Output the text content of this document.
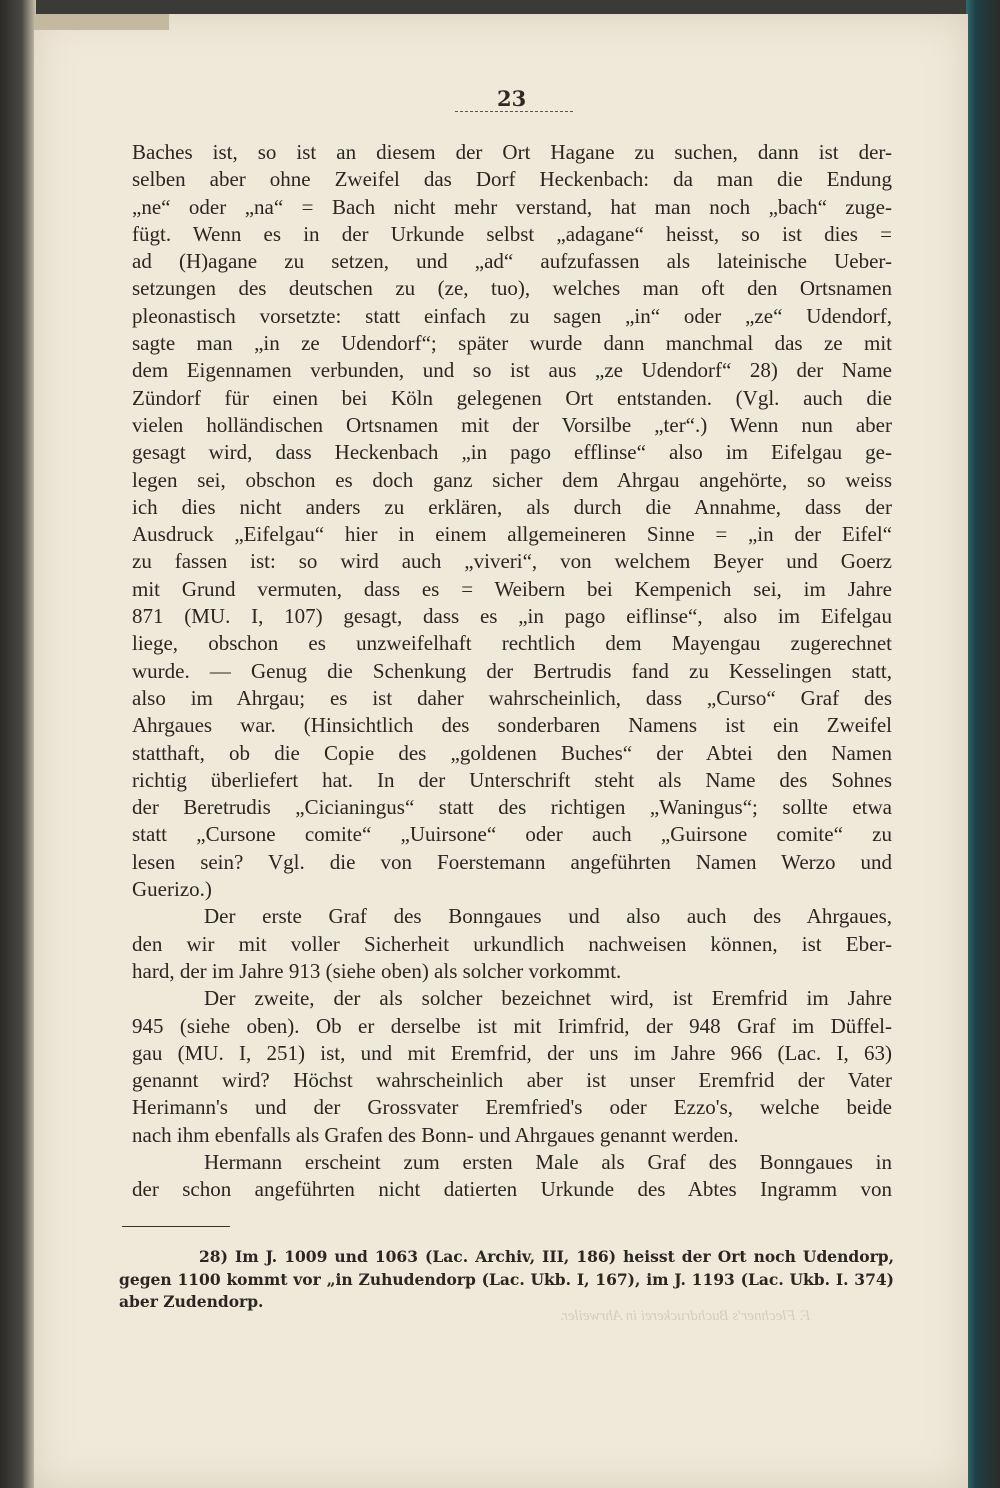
23
Baches ist, so ist an diesem der Ort Hagane zu suchen, dann ist der-
selben aber ohne Zweifel das Dorf Heckenbach: da man die Endung
„ne“ oder „na“ = Bach nicht mehr verstand, hat man noch „bach“ zuge-
fügt. Wenn es in der Urkunde selbst „adagane“ heisst, so ist dies =
ad (H)agane zu setzen, und „ad“ aufzufassen als lateinische Ueber-
setzungen des deutschen zu (ze, tuo), welches man oft den Ortsnamen
pleonastisch vorsetzte: statt einfach zu sagen „in“ oder „ze“ Udendorf,
sagte man „in ze Udendorf“; später wurde dann manchmal das ze mit
dem Eigennamen verbunden, und so ist aus „ze Udendorf“ 28) der Name
Zündorf für einen bei Köln gelegenen Ort entstanden. (Vgl. auch die
vielen holländischen Ortsnamen mit der Vorsilbe „ter“.) Wenn nun aber
gesagt wird, dass Heckenbach „in pago efflinse“ also im Eifelgau ge-
legen sei, obschon es doch ganz sicher dem Ahrgau angehörte, so weiss
ich dies nicht anders zu erklären, als durch die Annahme, dass der
Ausdruck „Eifelgau“ hier in einem allgemeineren Sinne = „in der Eifel“
zu fassen ist: so wird auch „viveri“, von welchem Beyer und Goerz
mit Grund vermuten, dass es = Weibern bei Kempenich sei, im Jahre
871 (MU. I, 107) gesagt, dass es „in pago eiflinse“, also im Eifelgau
liege, obschon es unzweifelhaft rechtlich dem Mayengau zugerechnet
wurde. — Genug die Schenkung der Bertrudis fand zu Kesselingen statt,
also im Ahrgau; es ist daher wahrscheinlich, dass „Curso“ Graf des
Ahrgaues war. (Hinsichtlich des sonderbaren Namens ist ein Zweifel
statthaft, ob die Copie des „goldenen Buches“ der Abtei den Namen
richtig überliefert hat. In der Unterschrift steht als Name des Sohnes
der Beretrudis „Cicianingus“ statt des richtigen „Waningus“; sollte etwa
statt „Cursone comite“ „Uuirsone“ oder auch „Guirsone comite“ zu
lesen sein? Vgl. die von Foerstemann angeführten Namen Werzo und
Guerizo.)
Der erste Graf des Bonngaues und also auch des Ahrgaues,
den wir mit voller Sicherheit urkundlich nachweisen können, ist Eber-
hard, der im Jahre 913 (siehe oben) als solcher vorkommt.
Der zweite, der als solcher bezeichnet wird, ist Eremfrid im Jahre
945 (siehe oben). Ob er derselbe ist mit Irimfrid, der 948 Graf im Düffel-
gau (MU. I, 251) ist, und mit Eremfrid, der uns im Jahre 966 (Lac. I, 63)
genannt wird? Höchst wahrscheinlich aber ist unser Eremfrid der Vater
Herimann's und der Grossvater Eremfried's oder Ezzo's, welche beide
nach ihm ebenfalls als Grafen des Bonn- und Ahrgaues genannt werden.
Hermann erscheint zum ersten Male als Graf des Bonngaues in
der schon angeführten nicht datierten Urkunde des Abtes Ingramm von
28) Im J. 1009 und 1063 (Lac. Archiv, III, 186) heisst der Ort noch Udendorp,
gegen 1100 kommt vor „in Zuhudendorp (Lac. Ukb. I, 167), im J. 1193 (Lac. Ukb. I. 374)
aber Zudendorp.
F. Flechner's Buchdruckerei in Ahrweiler.
